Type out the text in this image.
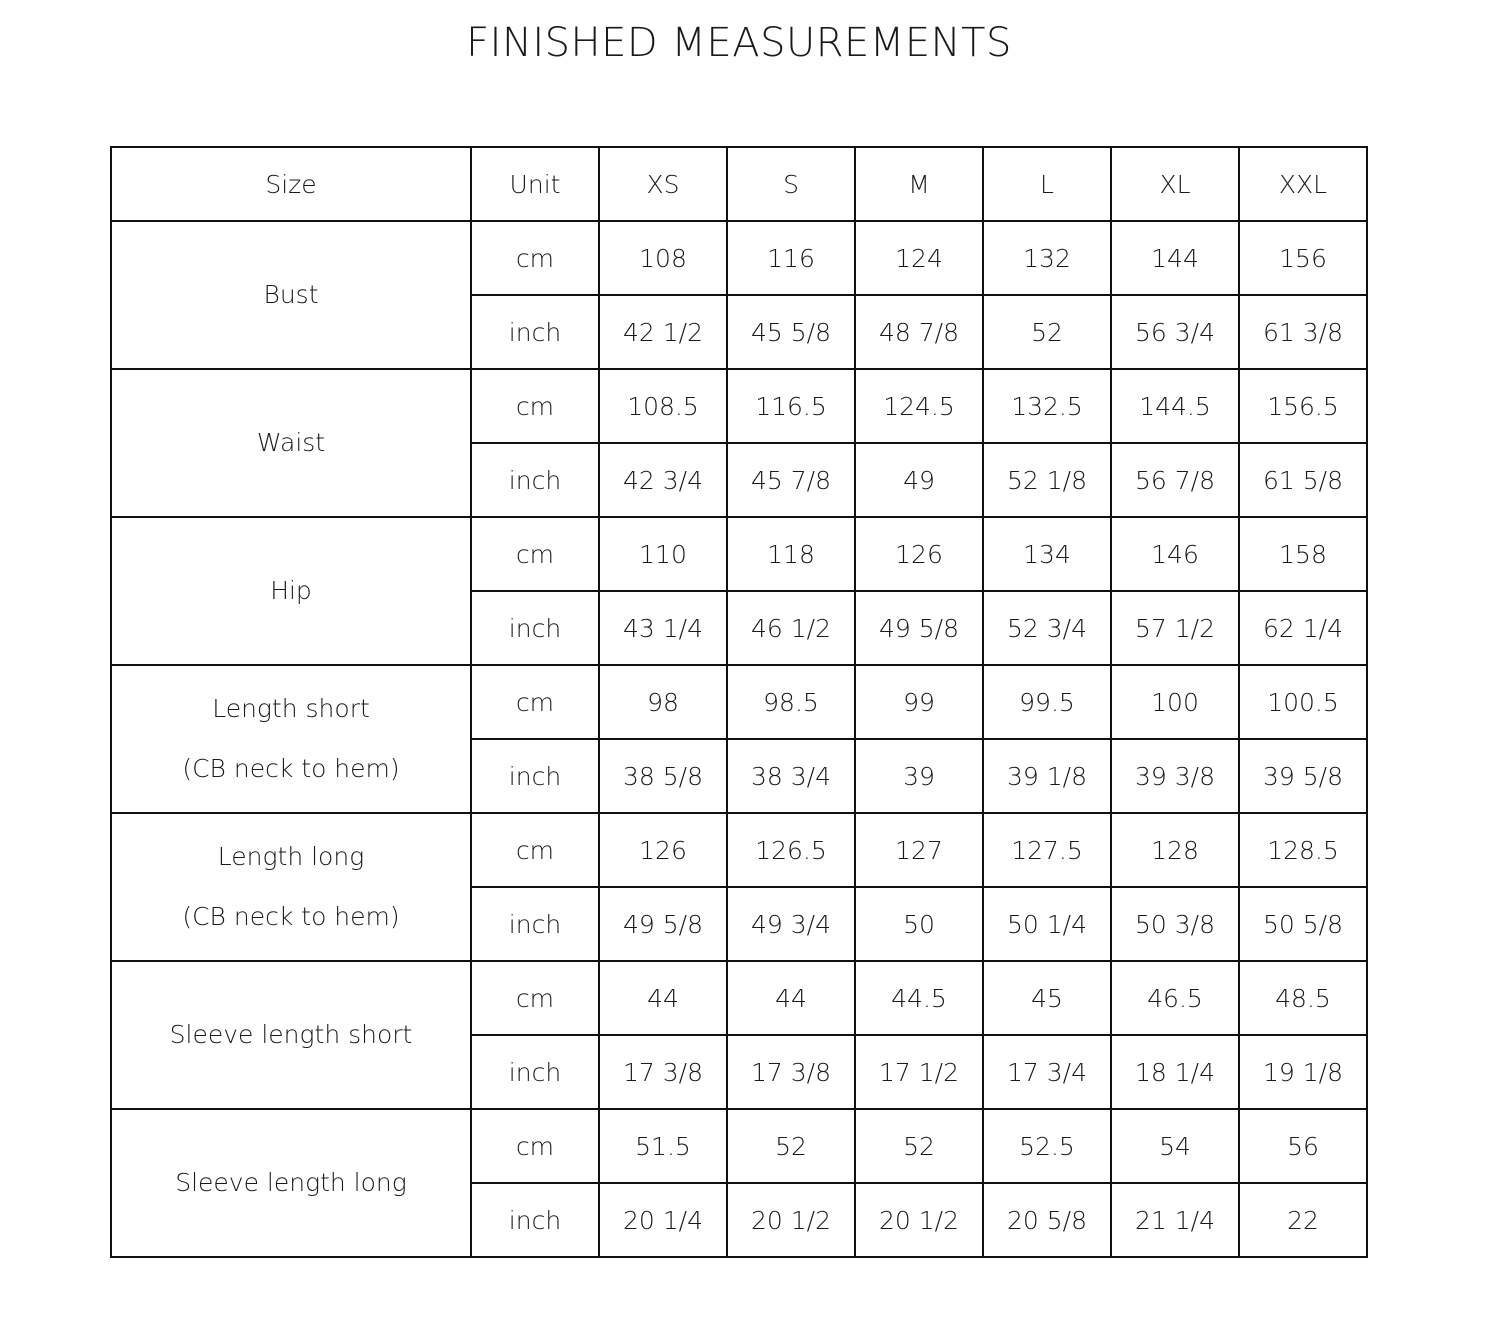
FINISHED MEASUREMENTS
Size	Unit	XS	S	M	L	XL	XXL

Bust	cm	108	116	124	132	144	156
	inch	42 1/2	45 5/8	48 7/8	52	56 3/4	61 3/8

Waist	cm	108.5	116.5	124.5	132.5	144.5	156.5
	inch	42 3/4	45 7/8	49	52 1/8	56 7/8	61 5/8

Hip	cm	110	118	126	134	146	158
	inch	43 1/4	46 1/2	49 5/8	52 3/4	57 1/2	62 1/4

Length short
(CB neck to hem)	cm	98	98.5	99	99.5	100	100.5
	inch	38 5/8	38 3/4	39	39 1/8	39 3/8	39 5/8

Length long
(CB neck to hem)	cm	126	126.5	127	127.5	128	128.5
	inch	49 5/8	49 3/4	50	50 1/4	50 3/8	50 5/8

Sleeve length short	cm	44	44	44.5	45	46.5	48.5
	inch	17 3/8	17 3/8	17 1/2	17 3/4	18 1/4	19 1/8

Sleeve length long	cm	51.5	52	52	52.5	54	56
	inch	20 1/4	20 1/2	20 1/2	20 5/8	21 1/4	22
